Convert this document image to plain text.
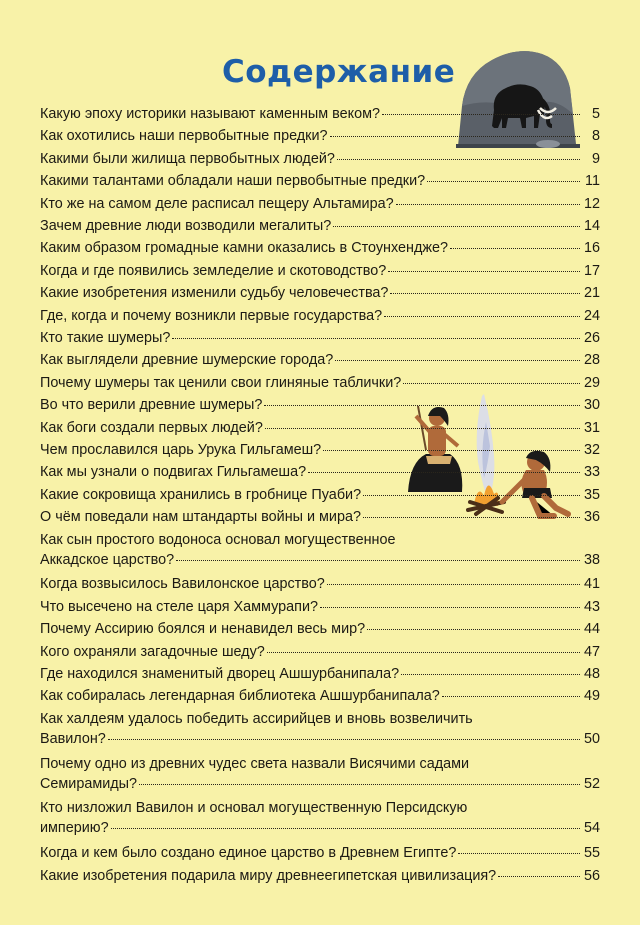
Содержание
Какую эпоху историки называют каменным веком?	5
Как охотились наши первобытные предки?	8
Какими были жилища первобытных людей?	9
Какими талантами обладали наши первобытные предки?	11
Кто же на самом деле расписал пещеру Альтамира?	12
Зачем древние люди возводили мегалиты?	14
Каким образом громадные камни оказались в Стоунхендже?	16
Когда и где появились земледелие и скотоводство?	17
Какие изобретения изменили судьбу человечества?	21
Где, когда и почему возникли первые государства?	24
Кто такие шумеры?	26
Как выглядели древние шумерские города?	28
Почему шумеры так ценили свои глиняные таблички?	29
Во что верили древние шумеры?	30
Как боги создали первых людей?	31
Чем прославился царь Урука Гильгамеш?	32
Как мы узнали о подвигах Гильгамеша?	33
Какие сокровища хранились в гробнице Пуаби?	35
О чём поведали нам штандарты войны и мира?	36
Как сын простого водоноса основал могущественное
Аккадское царство?	38
Когда возвысилось Вавилонское царство?	41
Что высечено на стеле царя Хаммурапи?	43
Почему Ассирию боялся и ненавидел весь мир?	44
Кого охраняли загадочные шеду?	47
Где находился знаменитый дворец Ашшурбанипала?	48
Как собиралась легендарная библиотека Ашшурбанипала?	49
Как халдеям удалось победить ассирийцев и вновь возвеличить
Вавилон?	50
Почему одно из древних чудес света назвали Висячими садами
Семирамиды?	52
Кто низложил Вавилон и основал могущественную Персидскую
империю?	54
Когда и кем было создано единое царство в Древнем Египте?	55
Какие изобретения подарила миру древнеегипетская цивилизация?	56
